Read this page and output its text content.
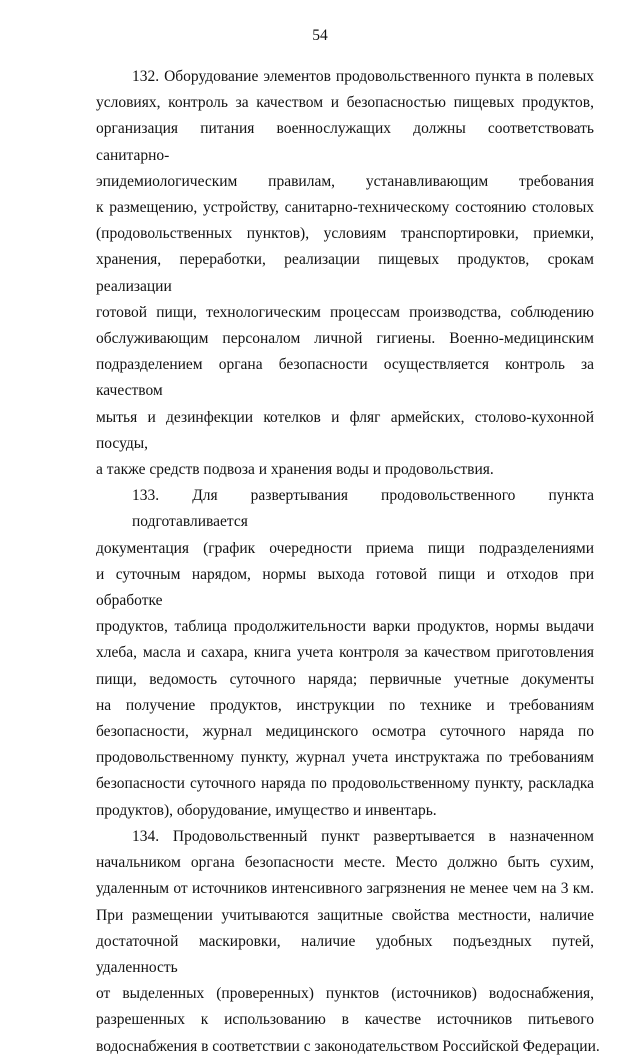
54
132. Оборудование элементов продовольственного пункта в полевых
условиях, контроль за качеством и безопасностью пищевых продуктов,
организация питания военнослужащих должны соответствовать санитарно-
эпидемиологическим правилам, устанавливающим требования
к размещению, устройству, санитарно-техническому состоянию столовых
(продовольственных пунктов), условиям транспортировки, приемки,
хранения, переработки, реализации пищевых продуктов, срокам реализации
готовой пищи, технологическим процессам производства, соблюдению
обслуживающим персоналом личной гигиены. Военно-медицинским
подразделением органа безопасности осуществляется контроль за качеством
мытья и дезинфекции котелков и фляг армейских, столово-кухонной посуды,
а также средств подвоза и хранения воды и продовольствия.
133. Для развертывания продовольственного пункта подготавливается
документация (график очередности приема пищи подразделениями
и суточным нарядом, нормы выхода готовой пищи и отходов при обработке
продуктов, таблица продолжительности варки продуктов, нормы выдачи
хлеба, масла и сахара, книга учета контроля за качеством приготовления
пищи, ведомость суточного наряда; первичные учетные документы
на получение продуктов, инструкции по технике и требованиям
безопасности, журнал медицинского осмотра суточного наряда по
продовольственному пункту, журнал учета инструктажа по требованиям
безопасности суточного наряда по продовольственному пункту, раскладка
продуктов), оборудование, имущество и инвентарь.
134. Продовольственный пункт развертывается в назначенном
начальником органа безопасности месте. Место должно быть сухим,
удаленным от источников интенсивного загрязнения не менее чем на 3 км.
При размещении учитываются защитные свойства местности, наличие
достаточной маскировки, наличие удобных подъездных путей, удаленность
от выделенных (проверенных) пунктов (источников) водоснабжения,
разрешенных к использованию в качестве источников питьевого
водоснабжения в соответствии с законодательством Российской Федерации.
